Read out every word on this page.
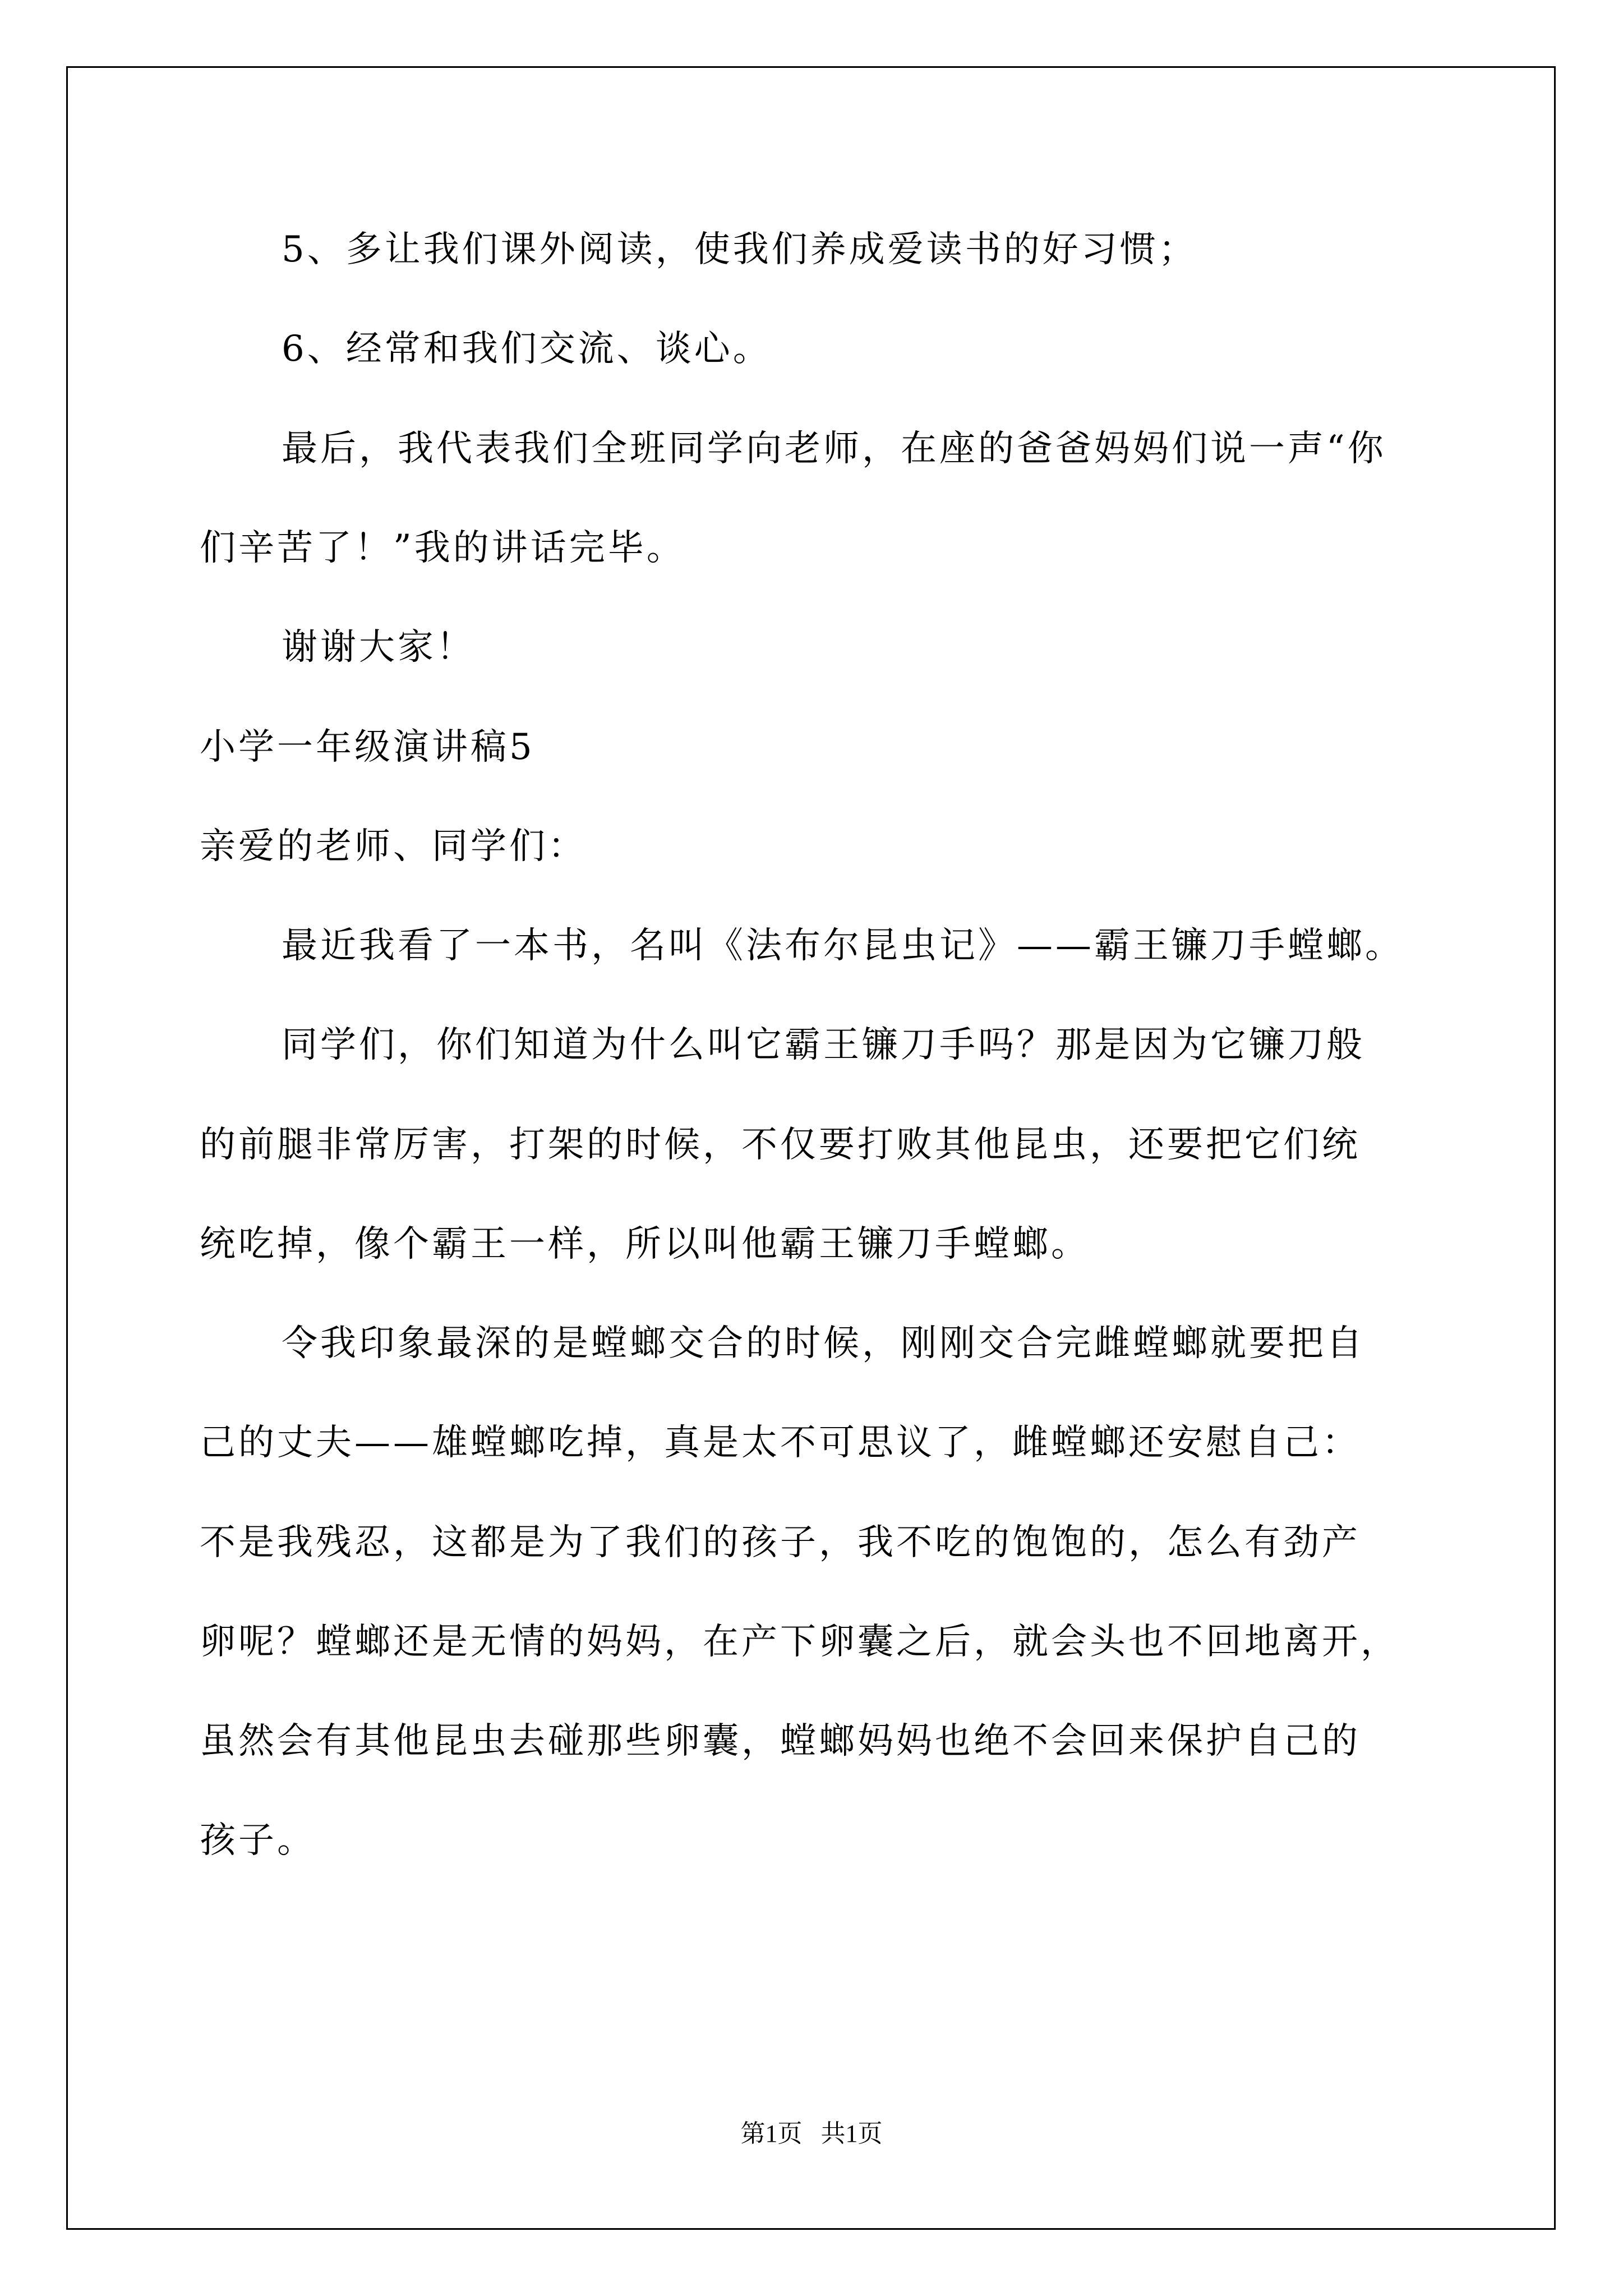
5、多让我们课外阅读，使我们养成爱读书的好习惯；
6、经常和我们交流、谈心。
最后，我代表我们全班同学向老师，在座的爸爸妈妈们说一声“你
们辛苦了！”我的讲话完毕。
谢谢大家！
小学一年级演讲稿5
亲爱的老师、同学们：
最近我看了一本书，名叫《法布尔昆虫记》——霸王镰刀手螳螂。
同学们，你们知道为什么叫它霸王镰刀手吗？那是因为它镰刀般
的前腿非常厉害，打架的时候，不仅要打败其他昆虫，还要把它们统
统吃掉，像个霸王一样，所以叫他霸王镰刀手螳螂。
令我印象最深的是螳螂交合的时候，刚刚交合完雌螳螂就要把自
己的丈夫——雄螳螂吃掉，真是太不可思议了，雌螳螂还安慰自己：
不是我残忍，这都是为了我们的孩子，我不吃的饱饱的，怎么有劲产
卵呢？螳螂还是无情的妈妈，在产下卵囊之后，就会头也不回地离开，
虽然会有其他昆虫去碰那些卵囊，螳螂妈妈也绝不会回来保护自己的
孩子。
第1页   共1页
